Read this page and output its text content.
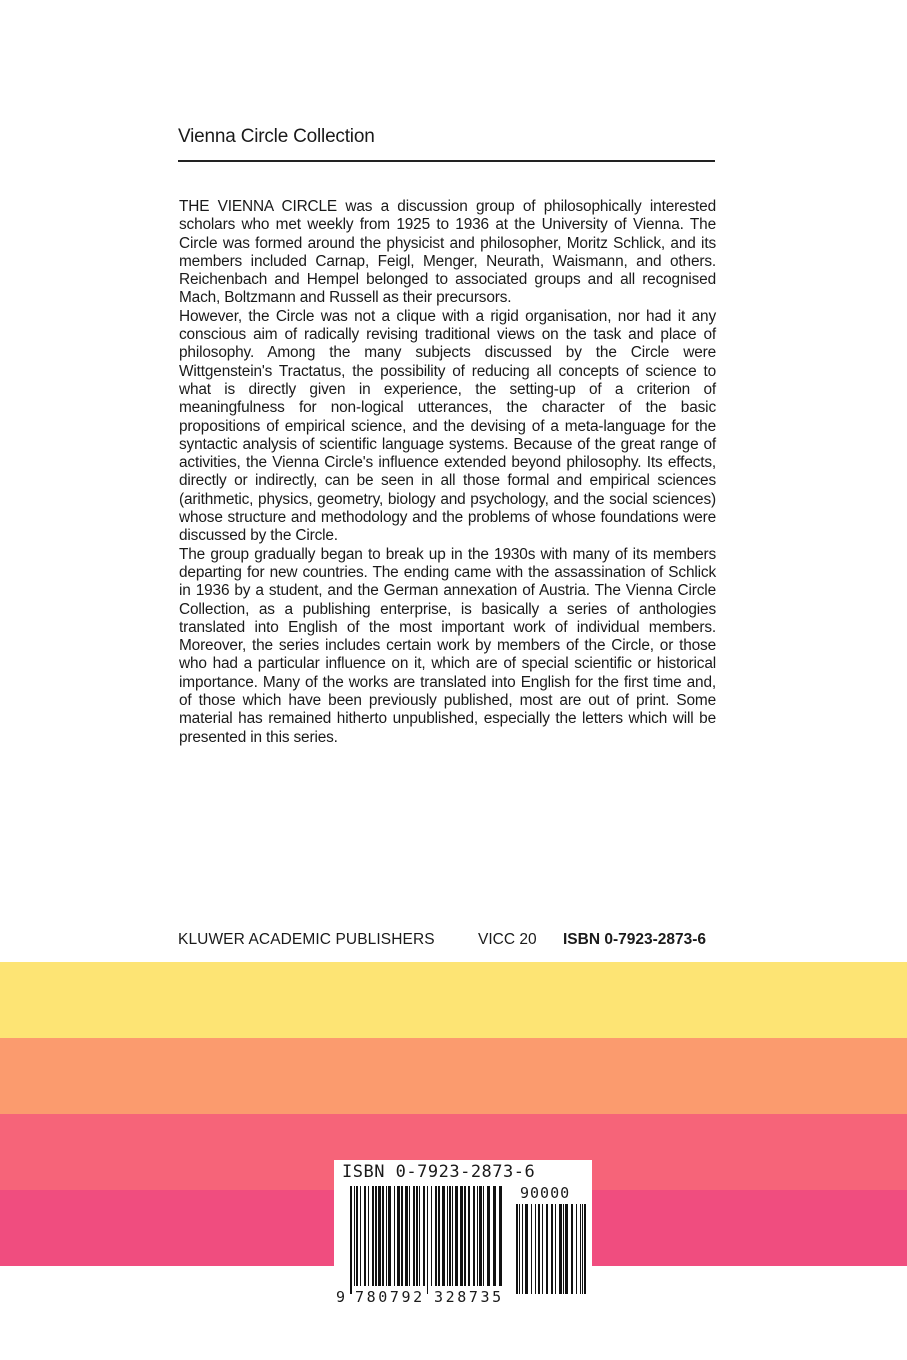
Vienna Circle Collection

THE VIENNA CIRCLE was a discussion group of philosophically interested scholars who met weekly from 1925 to 1936 at the University of Vienna. The Circle was formed around the physicist and philosopher, Moritz Schlick, and its members included Carnap, Feigl, Menger, Neurath, Waismann, and others. Reichenbach and Hempel belonged to associated groups and all recognised Mach, Boltzmann and Russell as their precursors.

However, the Circle was not a clique with a rigid organisation, nor had it any conscious aim of radically revising traditional views on the task and place of philosophy. Among the many subjects discussed by the Circle were Wittgenstein's Tractatus, the possibility of reducing all concepts of science to what is directly given in experience, the setting-up of a criterion of meaningfulness for non-logical utterances, the character of the basic propositions of empirical science, and the devising of a meta-language for the syntactic analysis of scientific language systems. Because of the great range of activities, the Vienna Circle's influence extended beyond philosophy. Its effects, directly or indirectly, can be seen in all those formal and empirical sciences (arithmetic, physics, geometry, biology and psychology, and the social sciences) whose structure and methodology and the problems of whose foundations were discussed by the Circle.

The group gradually began to break up in the 1930s with many of its members departing for new countries. The ending came with the assassination of Schlick in 1936 by a student, and the German annexation of Austria. The Vienna Circle Collection, as a publishing enterprise, is basically a series of anthologies translated into English of the most important work of individual members. Moreover, the series includes certain work by members of the Circle, or those who had a particular influence on it, which are of special scientific or historical importance. Many of the works are translated into English for the first time and, of those which have been previously published, most are out of print. Some material has remained hitherto unpublished, especially the letters which will be presented in this series.

KLUWER ACADEMIC PUBLISHERS	VICC 20 ISBN 0-7923-2873-6
ISBN 0-7923-2873-6
90000
9 780792 328735
